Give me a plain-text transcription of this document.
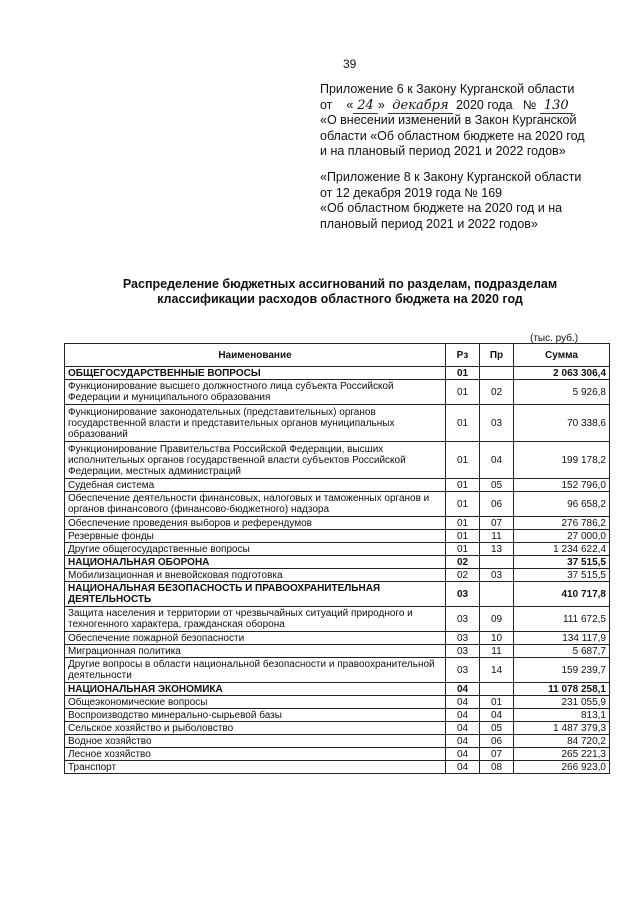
39
Приложение 6 к Закону Курганской области
от « 24 » декабря 2020 года № 130
«О внесении изменений в Закон Курганской
области «Об областном бюджете на 2020 год
и на плановый период 2021 и 2022 годов»
«Приложение 8 к Закону Курганской области
от 12 декабря 2019 года № 169
«Об областном бюджете на 2020 год и на
плановый период 2021 и 2022 годов»
Распределение бюджетных ассигнований по разделам, подразделам
классификации расходов областного бюджета на 2020 год
(тыс. руб.)
Наименование	Рз	Пр	Сумма
ОБЩЕГОСУДАРСТВЕННЫЕ ВОПРОСЫ	01		2 063 306,4
Функционирование высшего должностного лица субъекта Российской Федерации и муниципального образования	01	02	5 926,8
Функционирование законодательных (представительных) органов государственной власти и представительных органов муниципальных образований	01	03	70 338,6
Функционирование Правительства Российской Федерации, высших исполнительных органов государственной власти субъектов Российской Федерации, местных администраций	01	04	199 178,2
Судебная система	01	05	152 796,0
Обеспечение деятельности финансовых, налоговых и таможенных органов и органов финансового (финансово-бюджетного) надзора	01	06	96 658,2
Обеспечение проведения выборов и референдумов	01	07	276 786,2
Резервные фонды	01	11	27 000,0
Другие общегосударственные вопросы	01	13	1 234 622,4
НАЦИОНАЛЬНАЯ ОБОРОНА	02		37 515,5
Мобилизационная и вневойсковая подготовка	02	03	37 515,5
НАЦИОНАЛЬНАЯ БЕЗОПАСНОСТЬ И ПРАВООХРАНИТЕЛЬНАЯ ДЕЯТЕЛЬНОСТЬ	03		410 717,8
Защита населения и территории от чрезвычайных ситуаций природного и техногенного характера, гражданская оборона	03	09	111 672,5
Обеспечение пожарной безопасности	03	10	134 117,9
Миграционная политика	03	11	5 687,7
Другие вопросы в области национальной безопасности и правоохранительной деятельности	03	14	159 239,7
НАЦИОНАЛЬНАЯ ЭКОНОМИКА	04		11 078 258,1
Общеэкономические вопросы	04	01	231 055,9
Воспроизводство минерально-сырьевой базы	04	04	813,1
Сельское хозяйство и рыболовство	04	05	1 487 379,3
Водное хозяйство	04	06	84 720,2
Лесное хозяйство	04	07	265 221,3
Транспорт	04	08	266 923,0
